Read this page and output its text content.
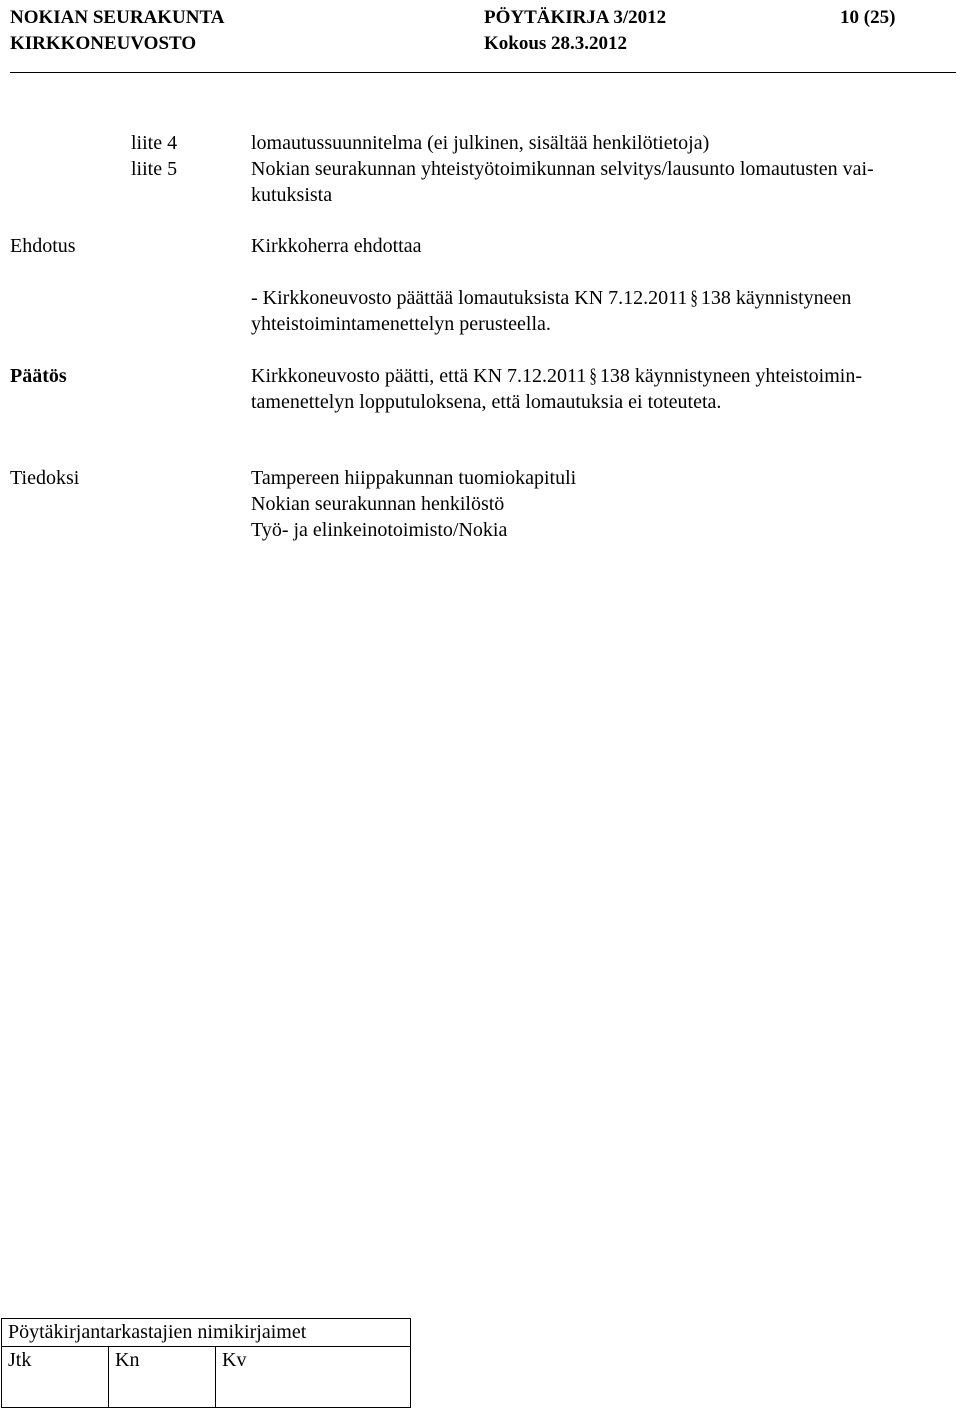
NOKIAN SEURAKUNTA
KIRKKONEUVOSTO
PÖYTÄKIRJA 3/2012
Kokous 28.3.2012
10 (25)
liite 4	lomautussuunnitelma (ei julkinen, sisältää henkilötietoja)
liite 5	Nokian seurakunnan yhteistyötoimikunnan selvitys/lausunto lomautusten vai-
kutuksista
Ehdotus	Kirkkoherra ehdottaa
- Kirkkoneuvosto päättää lomautuksista KN 7.12.2011 § 138 käynnistyneen
yhteistoimintamenettelyn perusteella.
Päätös	Kirkkoneuvosto päätti, että KN 7.12.2011 § 138 käynnistyneen yhteistoimin-
tamenettelyn lopputuloksena, että lomautuksia ei toteuteta.
Tiedoksi	Tampereen hiippakunnan tuomiokapituli
Nokian seurakunnan henkilöstö
Työ- ja elinkeinotoimisto/Nokia
Pöytäkirjantarkastajien nimikirjaimet
Jtk	Kn	Kv
